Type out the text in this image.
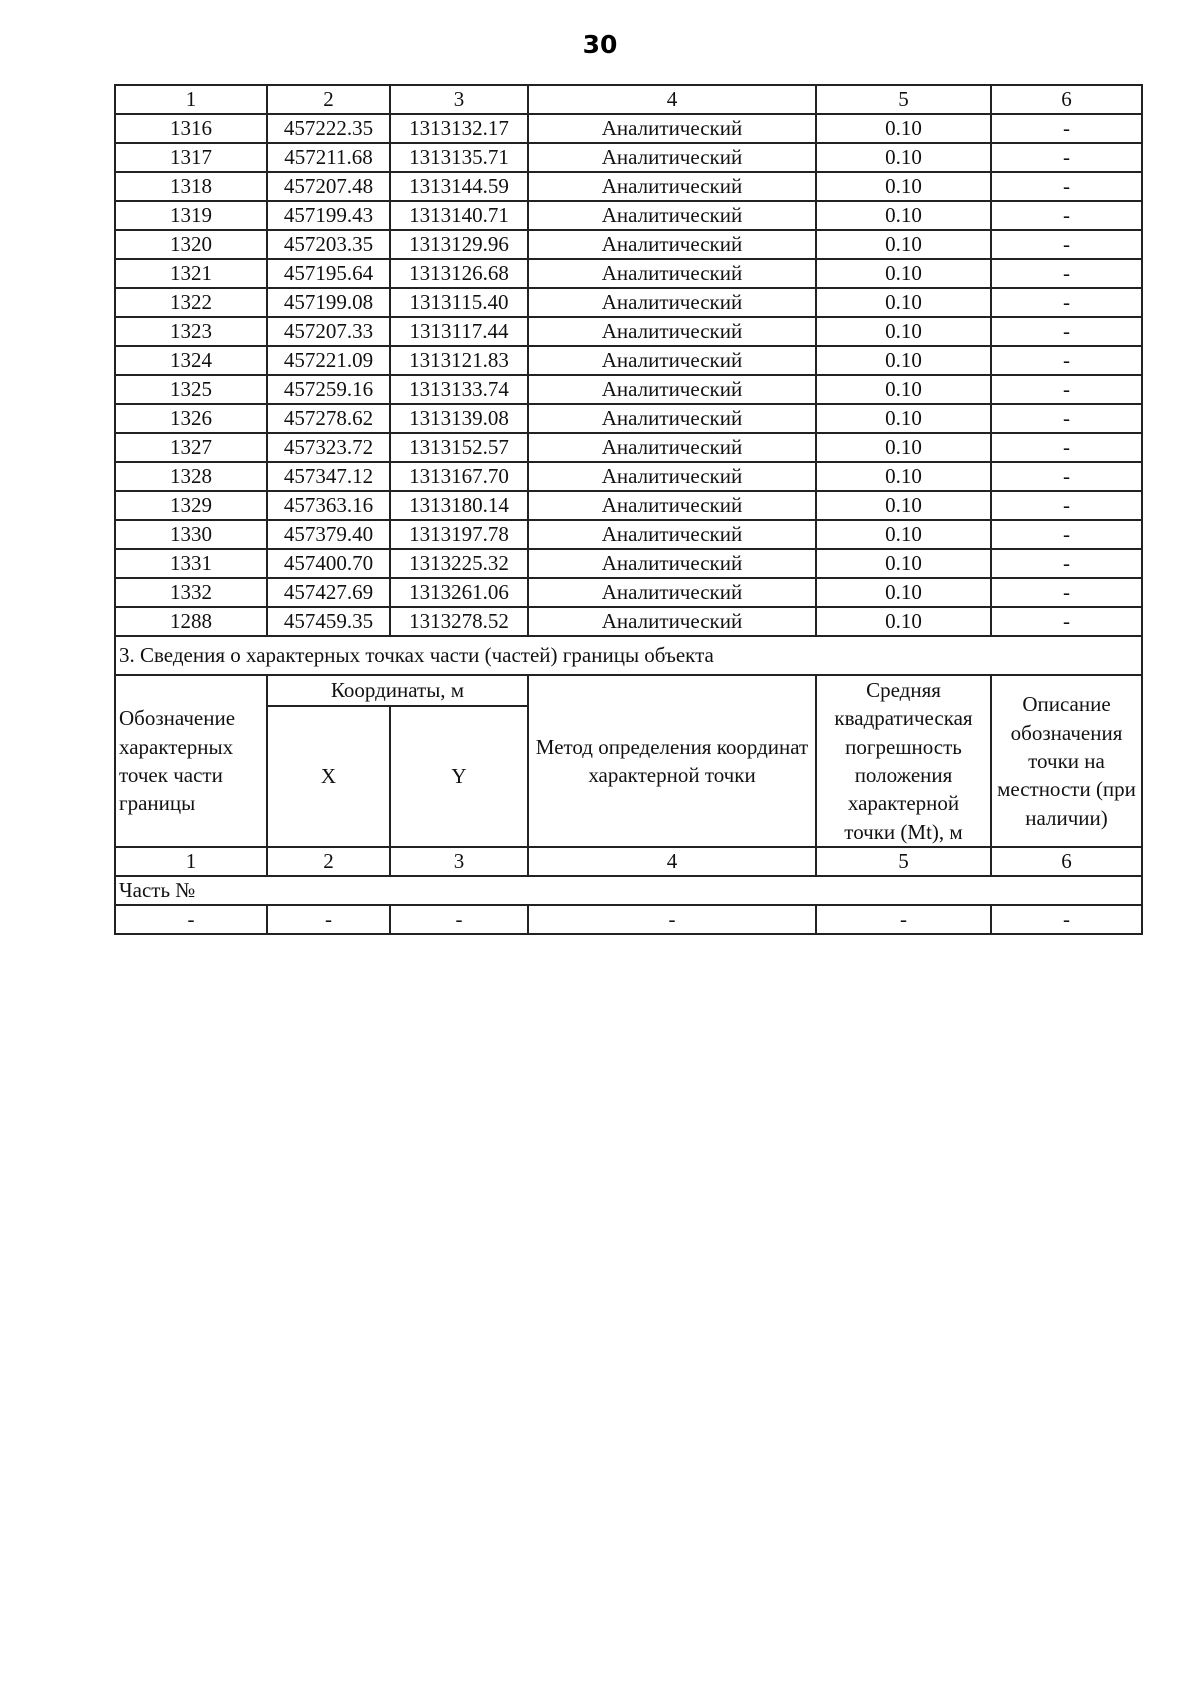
30
1	2	3	4	5	6
1316	457222.35	1313132.17	Аналитический	0.10	-
1317	457211.68	1313135.71	Аналитический	0.10	-
1318	457207.48	1313144.59	Аналитический	0.10	-
1319	457199.43	1313140.71	Аналитический	0.10	-
1320	457203.35	1313129.96	Аналитический	0.10	-
1321	457195.64	1313126.68	Аналитический	0.10	-
1322	457199.08	1313115.40	Аналитический	0.10	-
1323	457207.33	1313117.44	Аналитический	0.10	-
1324	457221.09	1313121.83	Аналитический	0.10	-
1325	457259.16	1313133.74	Аналитический	0.10	-
1326	457278.62	1313139.08	Аналитический	0.10	-
1327	457323.72	1313152.57	Аналитический	0.10	-
1328	457347.12	1313167.70	Аналитический	0.10	-
1329	457363.16	1313180.14	Аналитический	0.10	-
1330	457379.40	1313197.78	Аналитический	0.10	-
1331	457400.70	1313225.32	Аналитический	0.10	-
1332	457427.69	1313261.06	Аналитический	0.10	-
1288	457459.35	1313278.52	Аналитический	0.10	-
3. Сведения о характерных точках части (частей) границы объекта					
Обозначение характерных точек части границы	Координаты, м		Метод определения координат характерной точки	Средняя квадратическая погрешность положения характерной точки (Mt), м	Описание обозначения точки на местности (при наличии)
	X	Y			
1	2	3	4	5	6
Часть №					
-	-	-	-	-	-
